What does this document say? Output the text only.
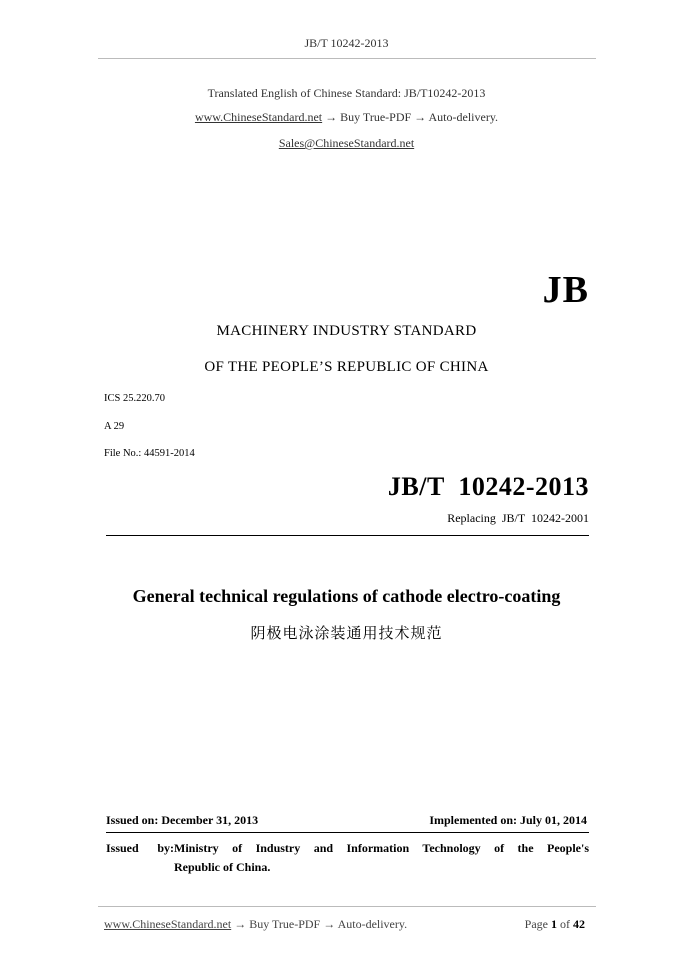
JB/T 10242-2013
Translated English of Chinese Standard: JB/T10242-2013
www.ChineseStandard.net → Buy True-PDF → Auto-delivery.
Sales@ChineseStandard.net
JB
MACHINERY INDUSTRY STANDARD
OF THE PEOPLE’S REPUBLIC OF CHINA
ICS 25.220.70
A 29
File No.: 44591-2014
JB/T  10242-2013
Replacing  JB/T  10242-2001
General technical regulations of cathode electro-coating
阴极电泳涂装通用技术规范
Issued on: December 31, 2013	Implemented on: July 01, 2014
Issued by:Ministry of Industry and Information Technology of the People's
Republic of China.
www.ChineseStandard.net → Buy True-PDF → Auto-delivery.	Page 1 of 42
